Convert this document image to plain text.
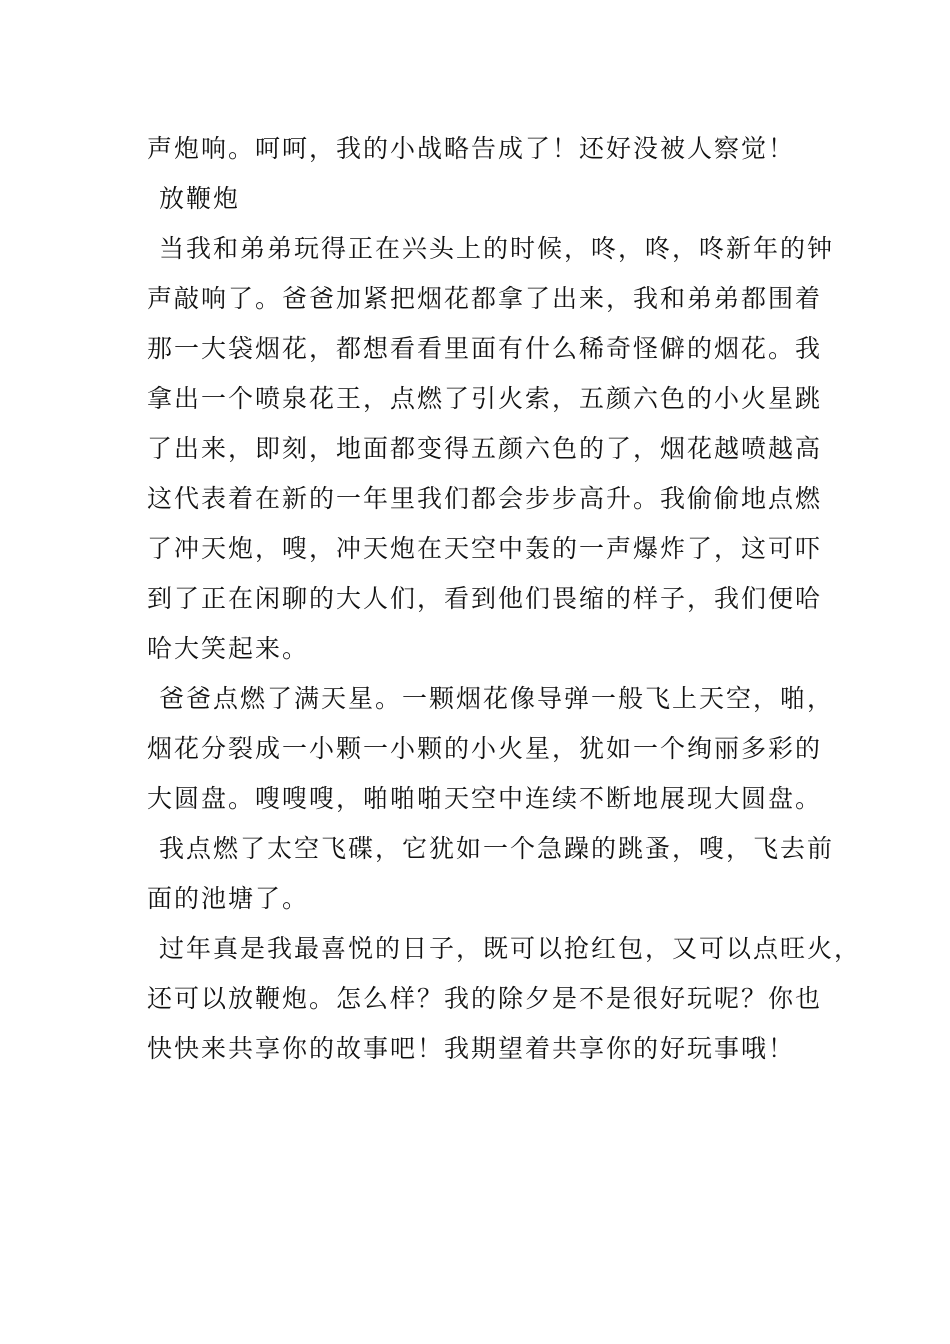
声炮响。呵呵，我的小战略告成了！还好没被人察觉！
放鞭炮
当我和弟弟玩得正在兴头上的时候，咚，咚，咚新年的钟
声敲响了。爸爸加紧把烟花都拿了出来，我和弟弟都围着
那一大袋烟花，都想看看里面有什么稀奇怪僻的烟花。我
拿出一个喷泉花王，点燃了引火索，五颜六色的小火星跳
了出来，即刻，地面都变得五颜六色的了，烟花越喷越高
这代表着在新的一年里我们都会步步高升。我偷偷地点燃
了冲天炮，嗖，冲天炮在天空中轰的一声爆炸了，这可吓
到了正在闲聊的大人们，看到他们畏缩的样子，我们便哈
哈大笑起来。
爸爸点燃了满天星。一颗烟花像导弹一般飞上天空，啪，
烟花分裂成一小颗一小颗的小火星，犹如一个绚丽多彩的
大圆盘。嗖嗖嗖，啪啪啪天空中连续不断地展现大圆盘。
我点燃了太空飞碟，它犹如一个急躁的跳蚤，嗖，飞去前
面的池塘了。
过年真是我最喜悦的日子，既可以抢红包，又可以点旺火，
还可以放鞭炮。怎么样？我的除夕是不是很好玩呢？你也
快快来共享你的故事吧！我期望着共享你的好玩事哦！
